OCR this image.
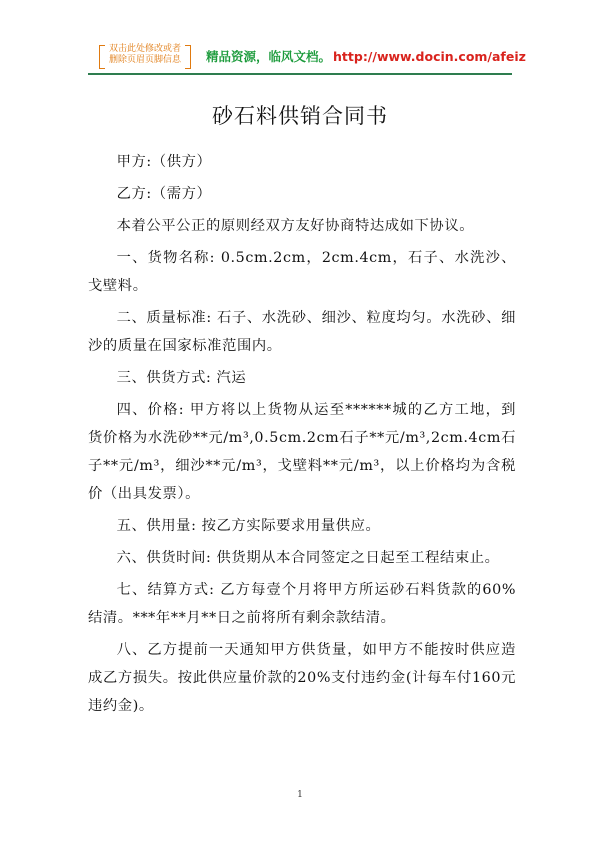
双击此处修改或者
删除页眉页脚信息	精品资源，临风文档。 http://www.docin.com/afeiz
砂石料供销合同书

甲方:（供方）

乙方:（需方）

本着公平公正的原则经双方友好协商特达成如下协议。

一、货物名称: 0.5cm.2cm，2cm.4cm，石子、水洗沙、戈壁料。

二、质量标准: 石子、水洗砂、细沙、粒度均匀。水洗砂、细沙的质量在国家标准范围内。

三、供货方式: 汽运

四、价格: 甲方将以上货物从运至******城的乙方工地，到货价格为水洗砂**元/m³,0.5cm.2cm石子**元/m³,2cm.4cm石子**元/m³，细沙**元/m³，戈壁料**元/m³，以上价格均为含税价（出具发票）。

五、供用量: 按乙方实际要求用量供应。

六、供货时间: 供货期从本合同签定之日起至工程结束止。

七、结算方式: 乙方每壹个月将甲方所运砂石料货款的60%结清。***年**月**日之前将所有剩余款结清。

八、乙方提前一天通知甲方供货量，如甲方不能按时供应造成乙方损失。按此供应量价款的20%支付违约金(计每车付160元违约金)。

1
